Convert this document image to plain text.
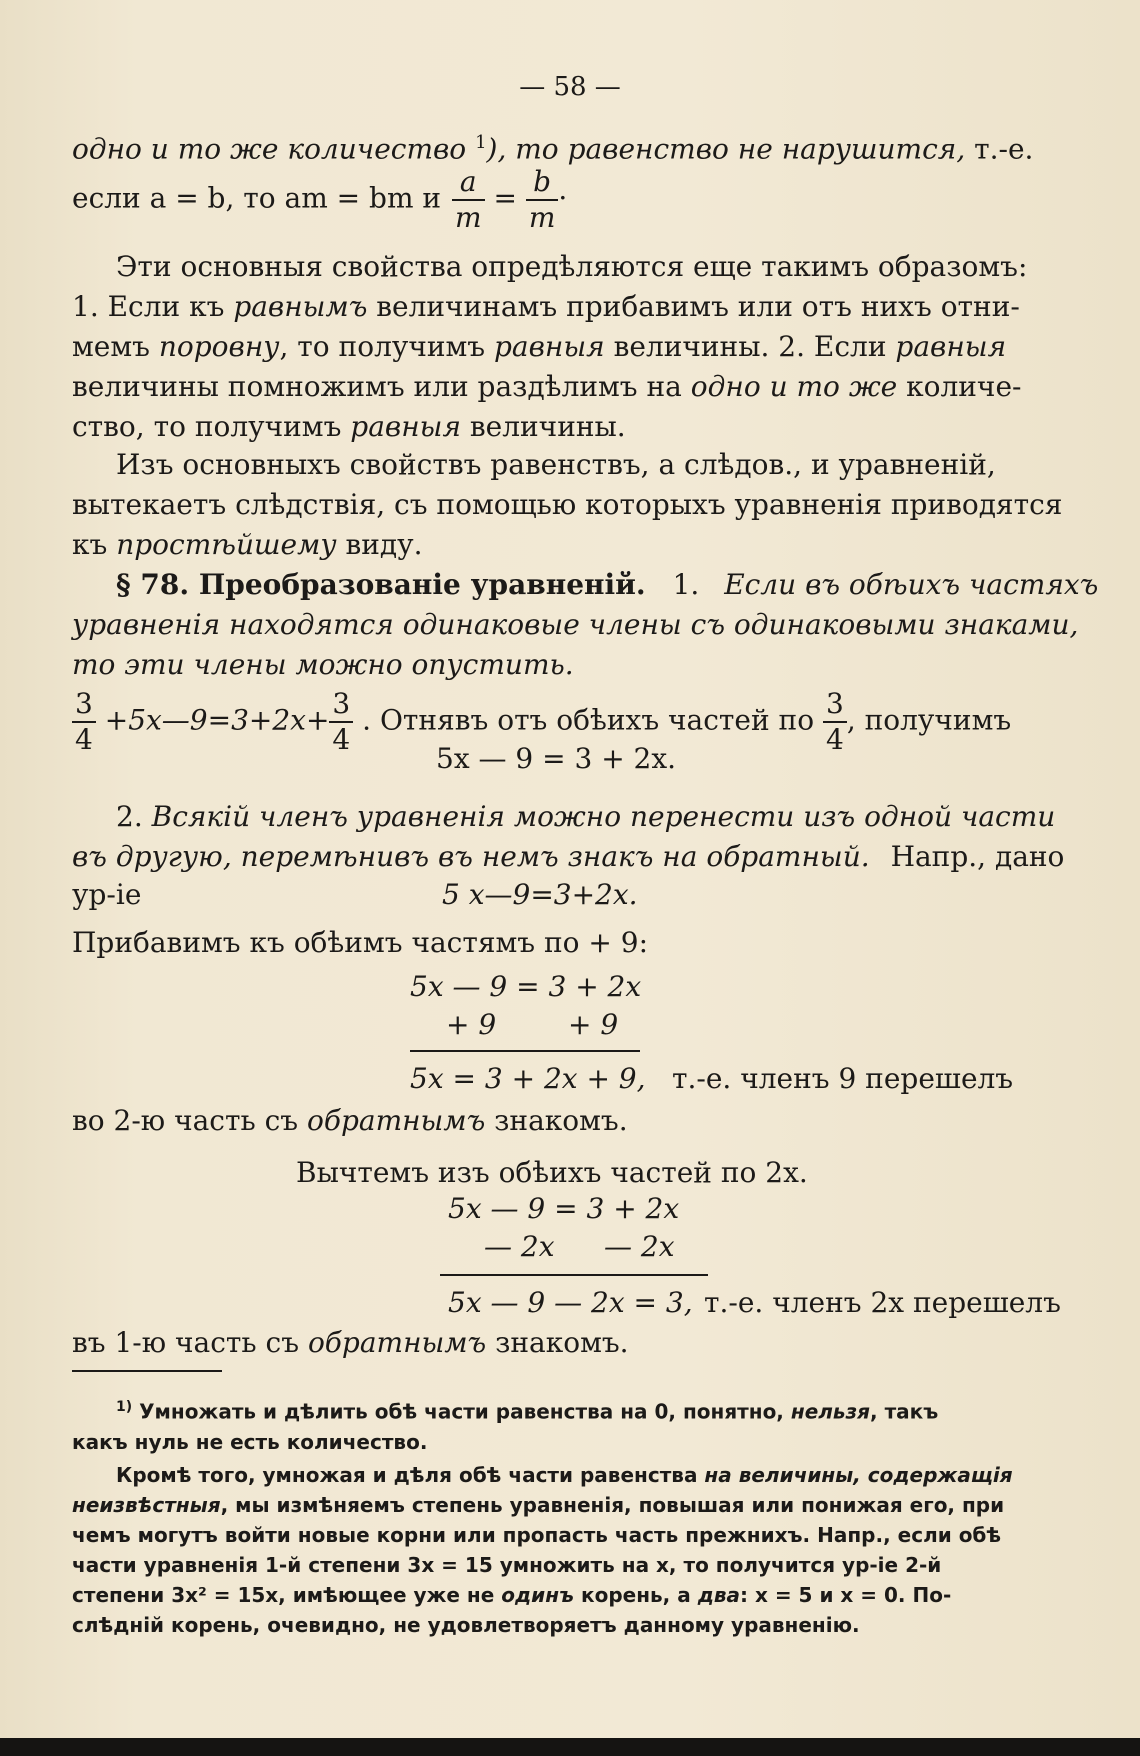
— 58 —
одно и то же количество $^1$), то равенство не нарушится, т.-е.
если a = b, то am = bm и $\frac{a}{m} = \frac{b}{m}$ ·
Эти основныя свойства опредѣляются еще такимъ образомъ:
1. Если къ равнымъ величинамъ прибавимъ или отъ нихъ отни-
мемъ поровну, то получимъ равныя величины. 2. Если равныя
величины помножимъ или раздѣлимъ на одно и то же количе-
ство, то получимъ равныя величины.
Изъ основныхъ свойствъ равенствъ, а слѣдов., и уравненій,
вытекаетъ слѣдствія, съ помощью которыхъ уравненія приводятся
къ простѣйшему виду.
§ 78. Преобразованіе уравненій. 1. Если въ обѣихъ частяхъ
уравненія находятся одинаковые члены съ одинаковыми знаками,
то эти члены можно опустить.
$\frac{3}{4}$ +5x—9=3+2x+ $\frac{3}{4}$ . Отнявъ отъ обѣихъ частей по $\frac{3}{4}$ , получимъ
5x — 9 = 3 + 2x.
2. Всякій членъ уравненія можно перенести изъ одной части
въ другую, перемѣнивъ въ немъ знакъ на обратный. Напр., дано
ур-іе	5 x—9=3+2x.
Прибавимъ къ обѣимъ частямъ по + 9:
5x — 9 = 3 + 2x
+ 9	+ 9
5x = 3 + 2x + 9, т.-е. членъ 9 перешелъ
во 2-ю часть съ обратнымъ знакомъ.
Вычтемъ изъ обѣихъ частей по 2x.
5x — 9 = 3 + 2x
— 2x — 2x
5x — 9 — 2x = 3, т.-е. членъ 2x перешелъ
въ 1-ю часть съ обратнымъ знакомъ.
$^{1)}$ Умножать и дѣлить обѣ части равенства на 0, понятно, нельзя, такъ
какъ нуль не есть количество.
Кромѣ того, умножая и дѣля обѣ части равенства на величины, содержащія
неизвѣстныя, мы измѣняемъ степень уравненія, повышая или понижая его, при
чемъ могутъ войти новые корни или пропасть часть прежнихъ. Напр., если обѣ
части уравненія 1-й степени 3x = 15 умножить на x, то получится ур-іе 2-й
степени 3x² = 15x, имѣющее уже не одинъ корень, а два: x = 5 и x = 0. По-
слѣдній корень, очевидно, не удовлетворяетъ данному уравненію.
